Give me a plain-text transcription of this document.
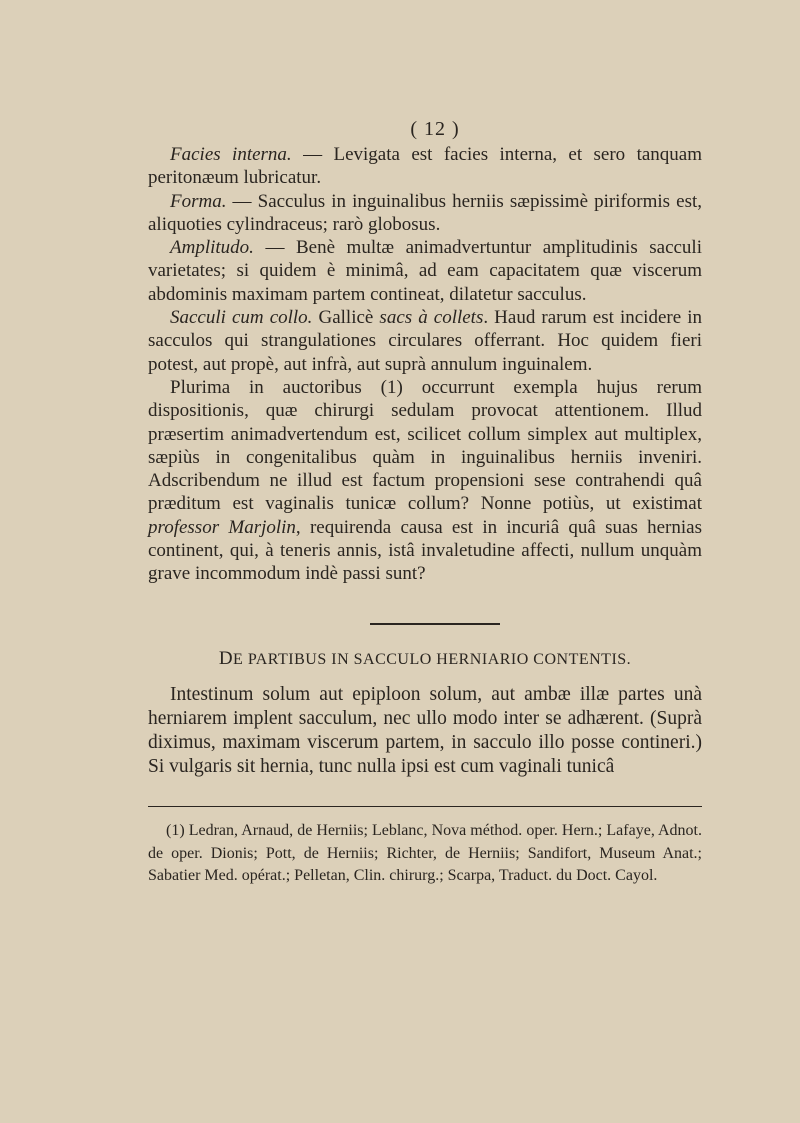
( 12 )

Facies interna. — Levigata est facies interna, et sero tanquam peritonæum lubricatur.

Forma. — Sacculus in inguinalibus herniis sæpissimè piriformis est, aliquoties cylindraceus; rarò globosus.

Amplitudo. — Benè multæ animadvertuntur amplitudinis sacculi varietates; si quidem è minimâ, ad eam capacitatem quæ viscerum abdominis maximam partem contineat, dilatetur sacculus.

Sacculi cum collo. Gallicè sacs à collets. Haud rarum est incidere in sacculos qui strangulationes circulares offerrant. Hoc quidem fieri potest, aut propè, aut infrà, aut suprà annulum inguinalem.

Plurima in auctoribus (1) occurrunt exempla hujus rerum dispositionis, quæ chirurgi sedulam provocat attentionem. Illud præsertim animadvertendum est, scilicet collum simplex aut multiplex, sæpiùs in congenitalibus quàm in inguinalibus herniis inveniri. Adscribendum ne illud est factum propensioni sese contrahendi quâ præditum est vaginalis tunicæ collum? Nonne potiùs, ut existimat professor Marjolin, requirenda causa est in incuriâ quâ suas hernias continent, qui, à teneris annis, istâ invaletudine affecti, nullum unquàm grave incommodum indè passi sunt?

DE PARTIBUS IN SACCULO HERNIARIO CONTENTIS.

Intestinum solum aut epiploon solum, aut ambæ illæ partes unà herniarem implent sacculum, nec ullo modo inter se adhærent. (Suprà diximus, maximam viscerum partem, in sacculo illo posse contineri.) Si vulgaris sit hernia, tunc nulla ipsi est cum vaginali tunicâ

(1) Ledran, Arnaud, de Herniis; Leblanc, Nova méthod. oper. Hern.; Lafaye, Adnot. de oper. Dionis; Pott, de Herniis; Richter, de Herniis; Sandifort, Museum Anat.; Sabatier Med. opérat.; Pelletan, Clin. chirurg.; Scarpa, Traduct. du Doct. Cayol.
